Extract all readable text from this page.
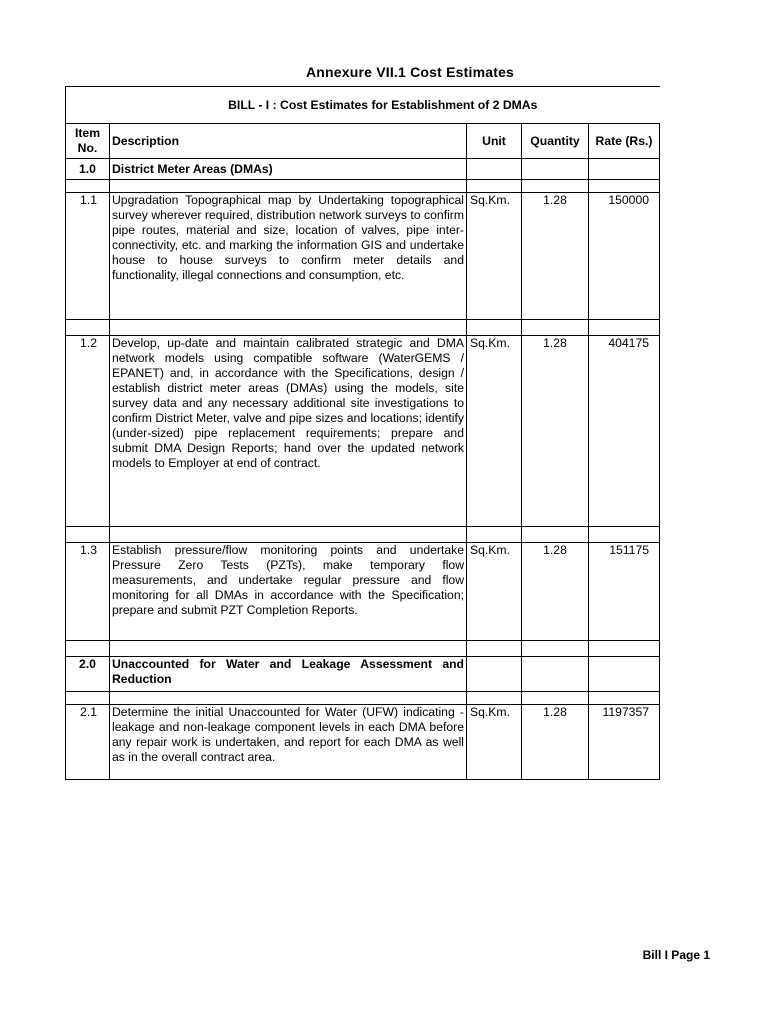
Annexure VII.1 Cost Estimates
BILL - I : Cost Estimates for Establishment of 2 DMAs				
Item No.	Description	Unit	Quantity	Rate (Rs.)
1.0	District Meter Areas (DMAs)			

1.1	Upgradation Topographical map by Undertaking topographical survey wherever required, distribution network surveys to confirm pipe routes, material and size, location of valves, pipe inter-connectivity, etc. and marking the information GIS and undertake house to house surveys to confirm meter details and functionality, illegal connections and consumption, etc.	Sq.Km.	1.28	150000

1.2	Develop, up-date and maintain calibrated strategic and DMA network models using compatible software (WaterGEMS / EPANET) and, in accordance with the Specifications, design / establish district meter areas (DMAs) using the models, site survey data and any necessary additional site investigations to confirm District Meter, valve and pipe sizes and locations; identify (under-sized) pipe replacement requirements; prepare and submit DMA Design Reports; hand over the updated network models to Employer at end of contract.	Sq.Km.	1.28	404175

1.3	Establish pressure/flow monitoring points and undertake Pressure Zero Tests (PZTs), make temporary flow measurements, and undertake regular pressure and flow monitoring for all DMAs in accordance with the Specification; prepare and submit PZT Completion Reports.	Sq.Km.	1.28	151175

2.0	Unaccounted for Water and Leakage Assessment and Reduction			

2.1	Determine the initial Unaccounted for Water (UFW) indicating - leakage and non-leakage component levels in each DMA before any repair work is undertaken, and report for each DMA as well as in the overall contract area.	Sq.Km.	1.28	1197357
Bill I Page 1
